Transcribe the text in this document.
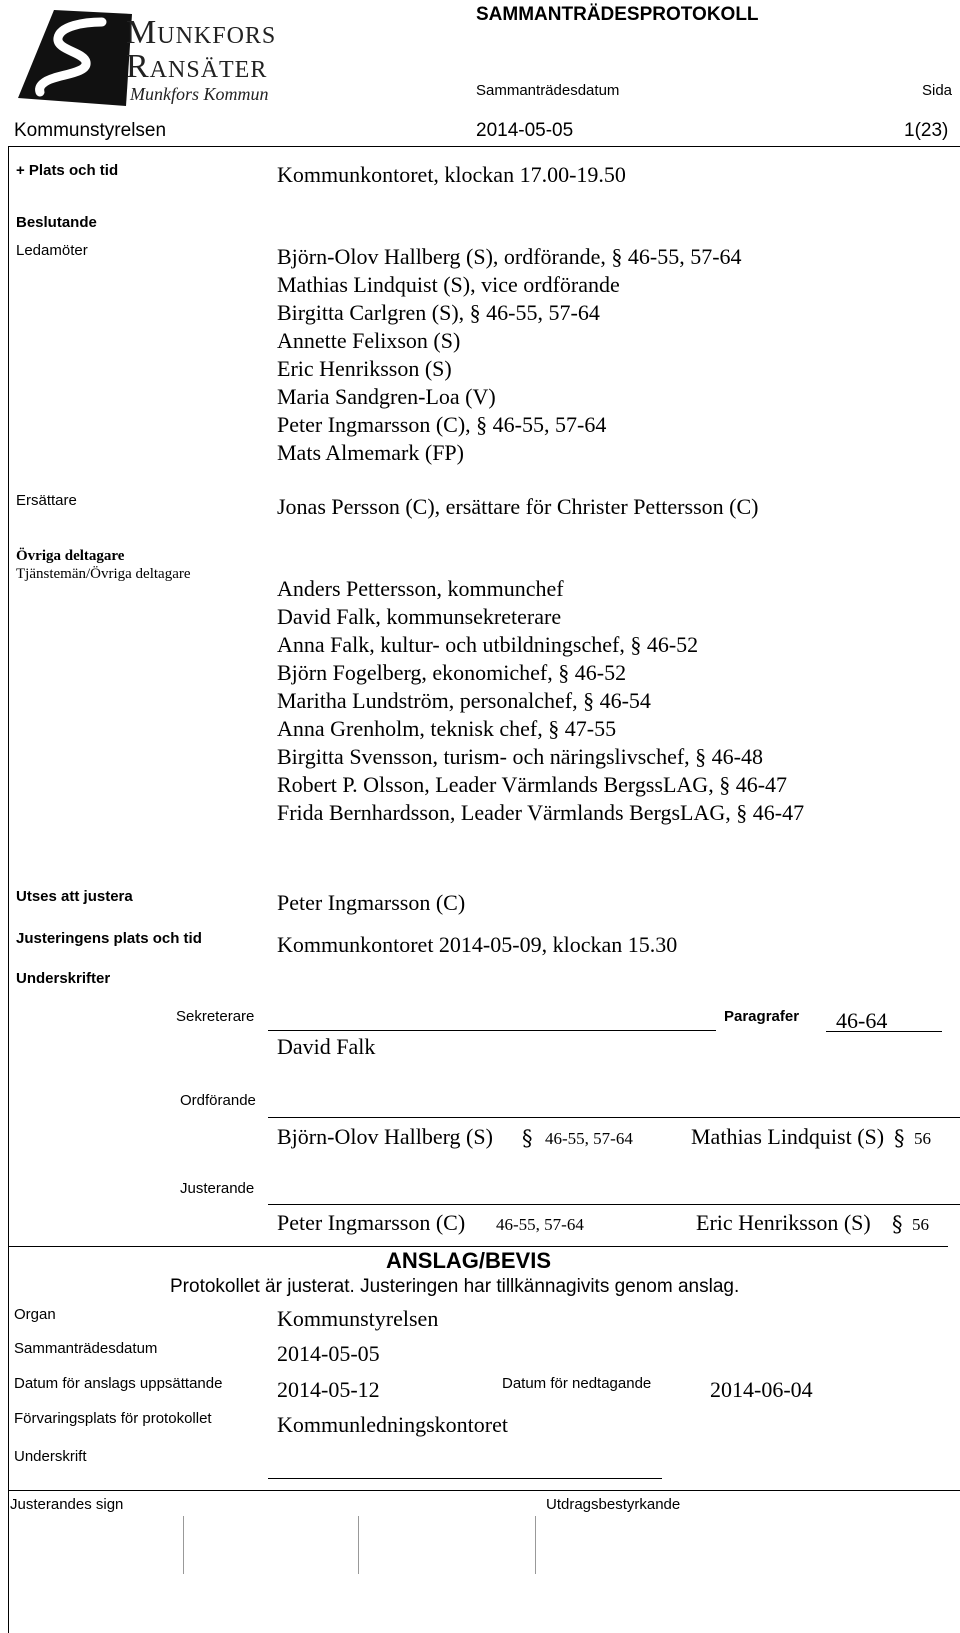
Munkfors
Ransäter
Munkfors Kommun
SAMMANTRÄDESPROTOKOLL
Sammanträdesdatum	Sida
Kommunstyrelsen	2014-05-05	1(23)
+ Plats och tid	Kommunkontoret, klockan 17.00-19.50
Beslutande
Ledamöter	Björn-Olov Hallberg (S), ordförande, § 46-55, 57-64
Mathias Lindquist (S), vice ordförande
Birgitta Carlgren (S), § 46-55, 57-64
Annette Felixson (S)
Eric Henriksson (S)
Maria Sandgren-Loa (V)
Peter Ingmarsson (C), § 46-55, 57-64
Mats Almemark (FP)
Ersättare	Jonas Persson (C), ersättare för Christer Pettersson (C)
Övriga deltagare
Tjänstemän/Övriga deltagare
Anders Pettersson, kommunchef
David Falk, kommunsekreterare
Anna Falk, kultur- och utbildningschef, § 46-52
Björn Fogelberg, ekonomichef, § 46-52
Maritha Lundström, personalchef, § 46-54
Anna Grenholm, teknisk chef, § 47-55
Birgitta Svensson, turism- och näringslivschef, § 46-48
Robert P. Olsson, Leader Värmlands BergssLAG, § 46-47
Frida Bernhardsson, Leader Värmlands BergsLAG, § 46-47
Utses att justera	Peter Ingmarsson (C)
Justeringens plats och tid	Kommunkontoret 2014-05-09, klockan 15.30
Underskrifter
Sekreterare
David Falk
Paragrafer 46-64
Ordförande
Björn-Olov Hallberg (S) § 46-55, 57-64	Mathias Lindquist (S) § 56
Justerande
Peter Ingmarsson (C) 46-55, 57-64	Eric Henriksson (S) § 56
ANSLAG/BEVIS
Protokollet är justerat. Justeringen har tillkännagivits genom anslag.
Organ	Kommunstyrelsen
Sammanträdesdatum	2014-05-05
Datum för anslags uppsättande 2014-05-12	Datum för nedtagande	2014-06-04
Förvaringsplats för protokollet	Kommunledningskontoret
Underskrift
Justerandes sign	Utdragsbestyrkande
